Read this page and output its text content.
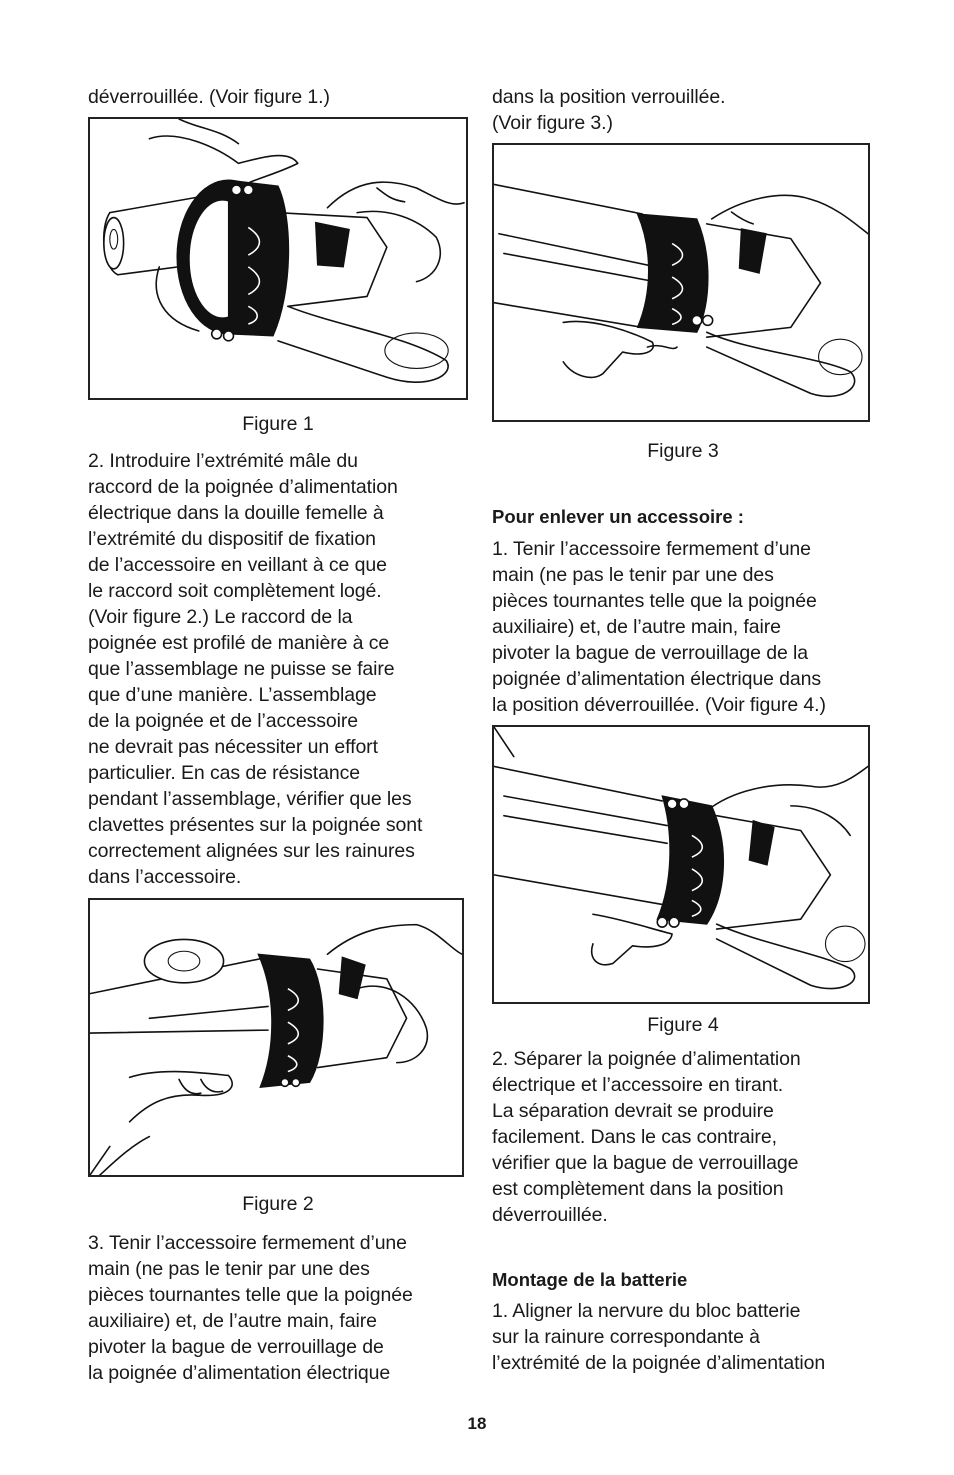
déverrouillée. (Voir figure 1.)

Figure 1

2. Introduire l’extrémité mâle du
raccord de la poignée d’alimentation
électrique dans la douille femelle à
l’extrémité du dispositif de fixation
de l’accessoire en veillant à ce que
le raccord soit complètement logé.
(Voir figure 2.) Le raccord de la
poignée est profilé de manière à ce
que l’assemblage ne puisse se faire
que d’une manière. L’assemblage
de la poignée et de l’accessoire
ne devrait pas nécessiter un effort
particulier. En cas de résistance
pendant l’assemblage, vérifier que les
clavettes présentes sur la poignée sont
correctement alignées sur les rainures
dans l’accessoire.

Figure 2

3. Tenir l’accessoire fermement d’une
main (ne pas le tenir par une des
pièces tournantes telle que la poignée
auxiliaire) et, de l’autre main, faire
pivoter la bague de verrouillage de
la poignée d’alimentation électrique

dans la position verrouillée.
(Voir figure 3.)

Figure 3
Pour enlever un accessoire :

1. Tenir l’accessoire fermement d’une
main (ne pas le tenir par une des
pièces tournantes telle que la poignée
auxiliaire) et, de l’autre main, faire
pivoter la bague de verrouillage de la
poignée d’alimentation électrique dans
la position déverrouillée. (Voir figure 4.)

Figure 4

2. Séparer la poignée d’alimentation
électrique et l’accessoire en tirant.
La séparation devrait se produire
facilement. Dans le cas contraire,
vérifier que la bague de verrouillage
est complètement dans la position
déverrouillée.

Montage de la batterie

1. Aligner la nervure du bloc batterie
sur la rainure correspondante à
l’extrémité de la poignée d’alimentation

18
